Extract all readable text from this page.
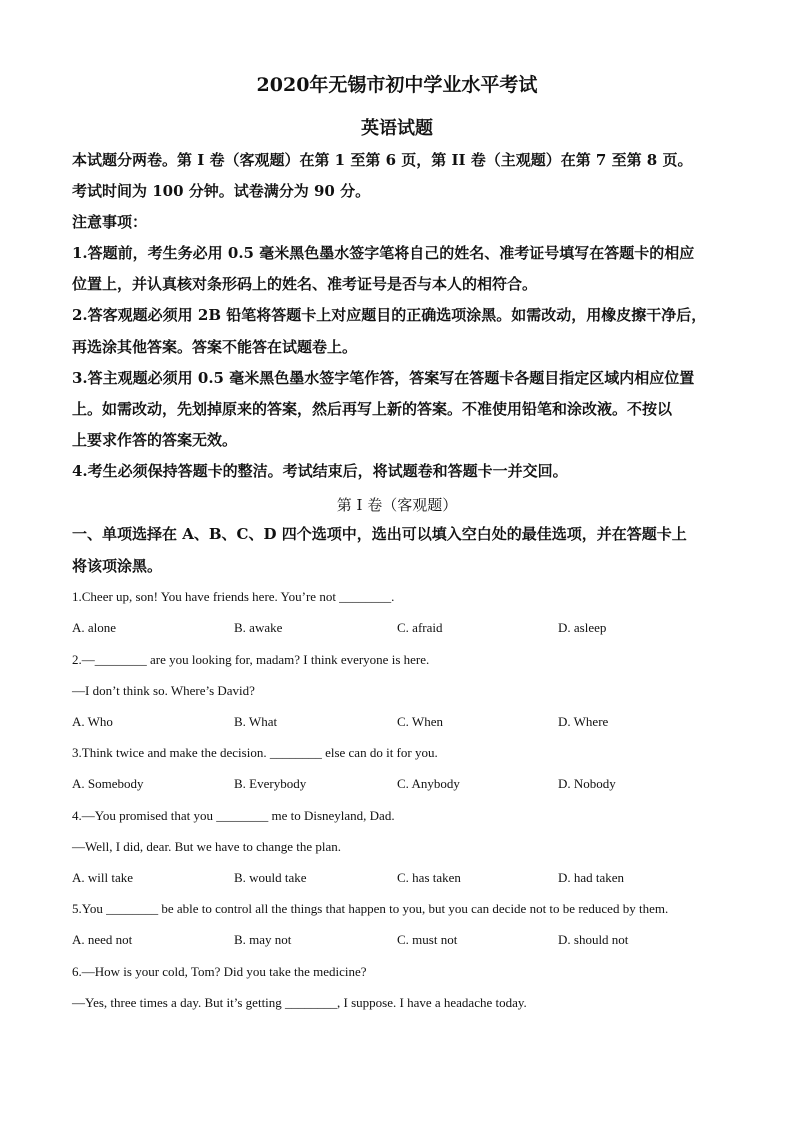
2020年无锡市初中学业水平考试
英语试题
本试题分两卷。第 I 卷（客观题）在第 1 至第 6 页，第 II 卷（主观题）在第 7 至第 8 页。
考试时间为 100 分钟。试卷满分为 90 分。
注意事项：
1.答题前，考生务必用 0.5 毫米黑色墨水签字笔将自己的姓名、准考证号填写在答题卡的相应
位置上，并认真核对条形码上的姓名、准考证号是否与本人的相符合。
2.答客观题必须用 2B 铅笔将答题卡上对应题目的正确选项涂黑。如需改动，用橡皮擦干净后，
再选涂其他答案。答案不能答在试题卷上。
3.答主观题必须用 0.5 毫米黑色墨水签字笔作答，答案写在答题卡各题目指定区域内相应位置
上。如需改动，先划掉原来的答案，然后再写上新的答案。不准使用铅笔和涂改液。不按以
上要求作答的答案无效。
4.考生必须保持答题卡的整洁。考试结束后，将试题卷和答题卡一并交回。
第 I 卷（客观题）
一、单项选择在 A、B、C、D 四个选项中，选出可以填入空白处的最佳选项，并在答题卡上
将该项涂黑。
1.Cheer up, son! You have friends here. You’re not ________.
A. alone	B. awake	C. afraid	D. asleep
2.—________ are you looking for, madam? I think everyone is here.
—I don’t think so. Where’s David?
A. Who	B. What	C. When	D. Where
3.Think twice and make the decision. ________ else can do it for you.
A. Somebody	B. Everybody	C. Anybody	D. Nobody
4.—You promised that you ________ me to Disneyland, Dad.
—Well, I did, dear. But we have to change the plan.
A. will take	B. would take	C. has taken	D. had taken
5.You ________ be able to control all the things that happen to you, but you can decide not to be reduced by them.
A. need not	B. may not	C. must not	D. should not
6.—How is your cold, Tom? Did you take the medicine?
—Yes, three times a day. But it’s getting ________, I suppose. I have a headache today.
